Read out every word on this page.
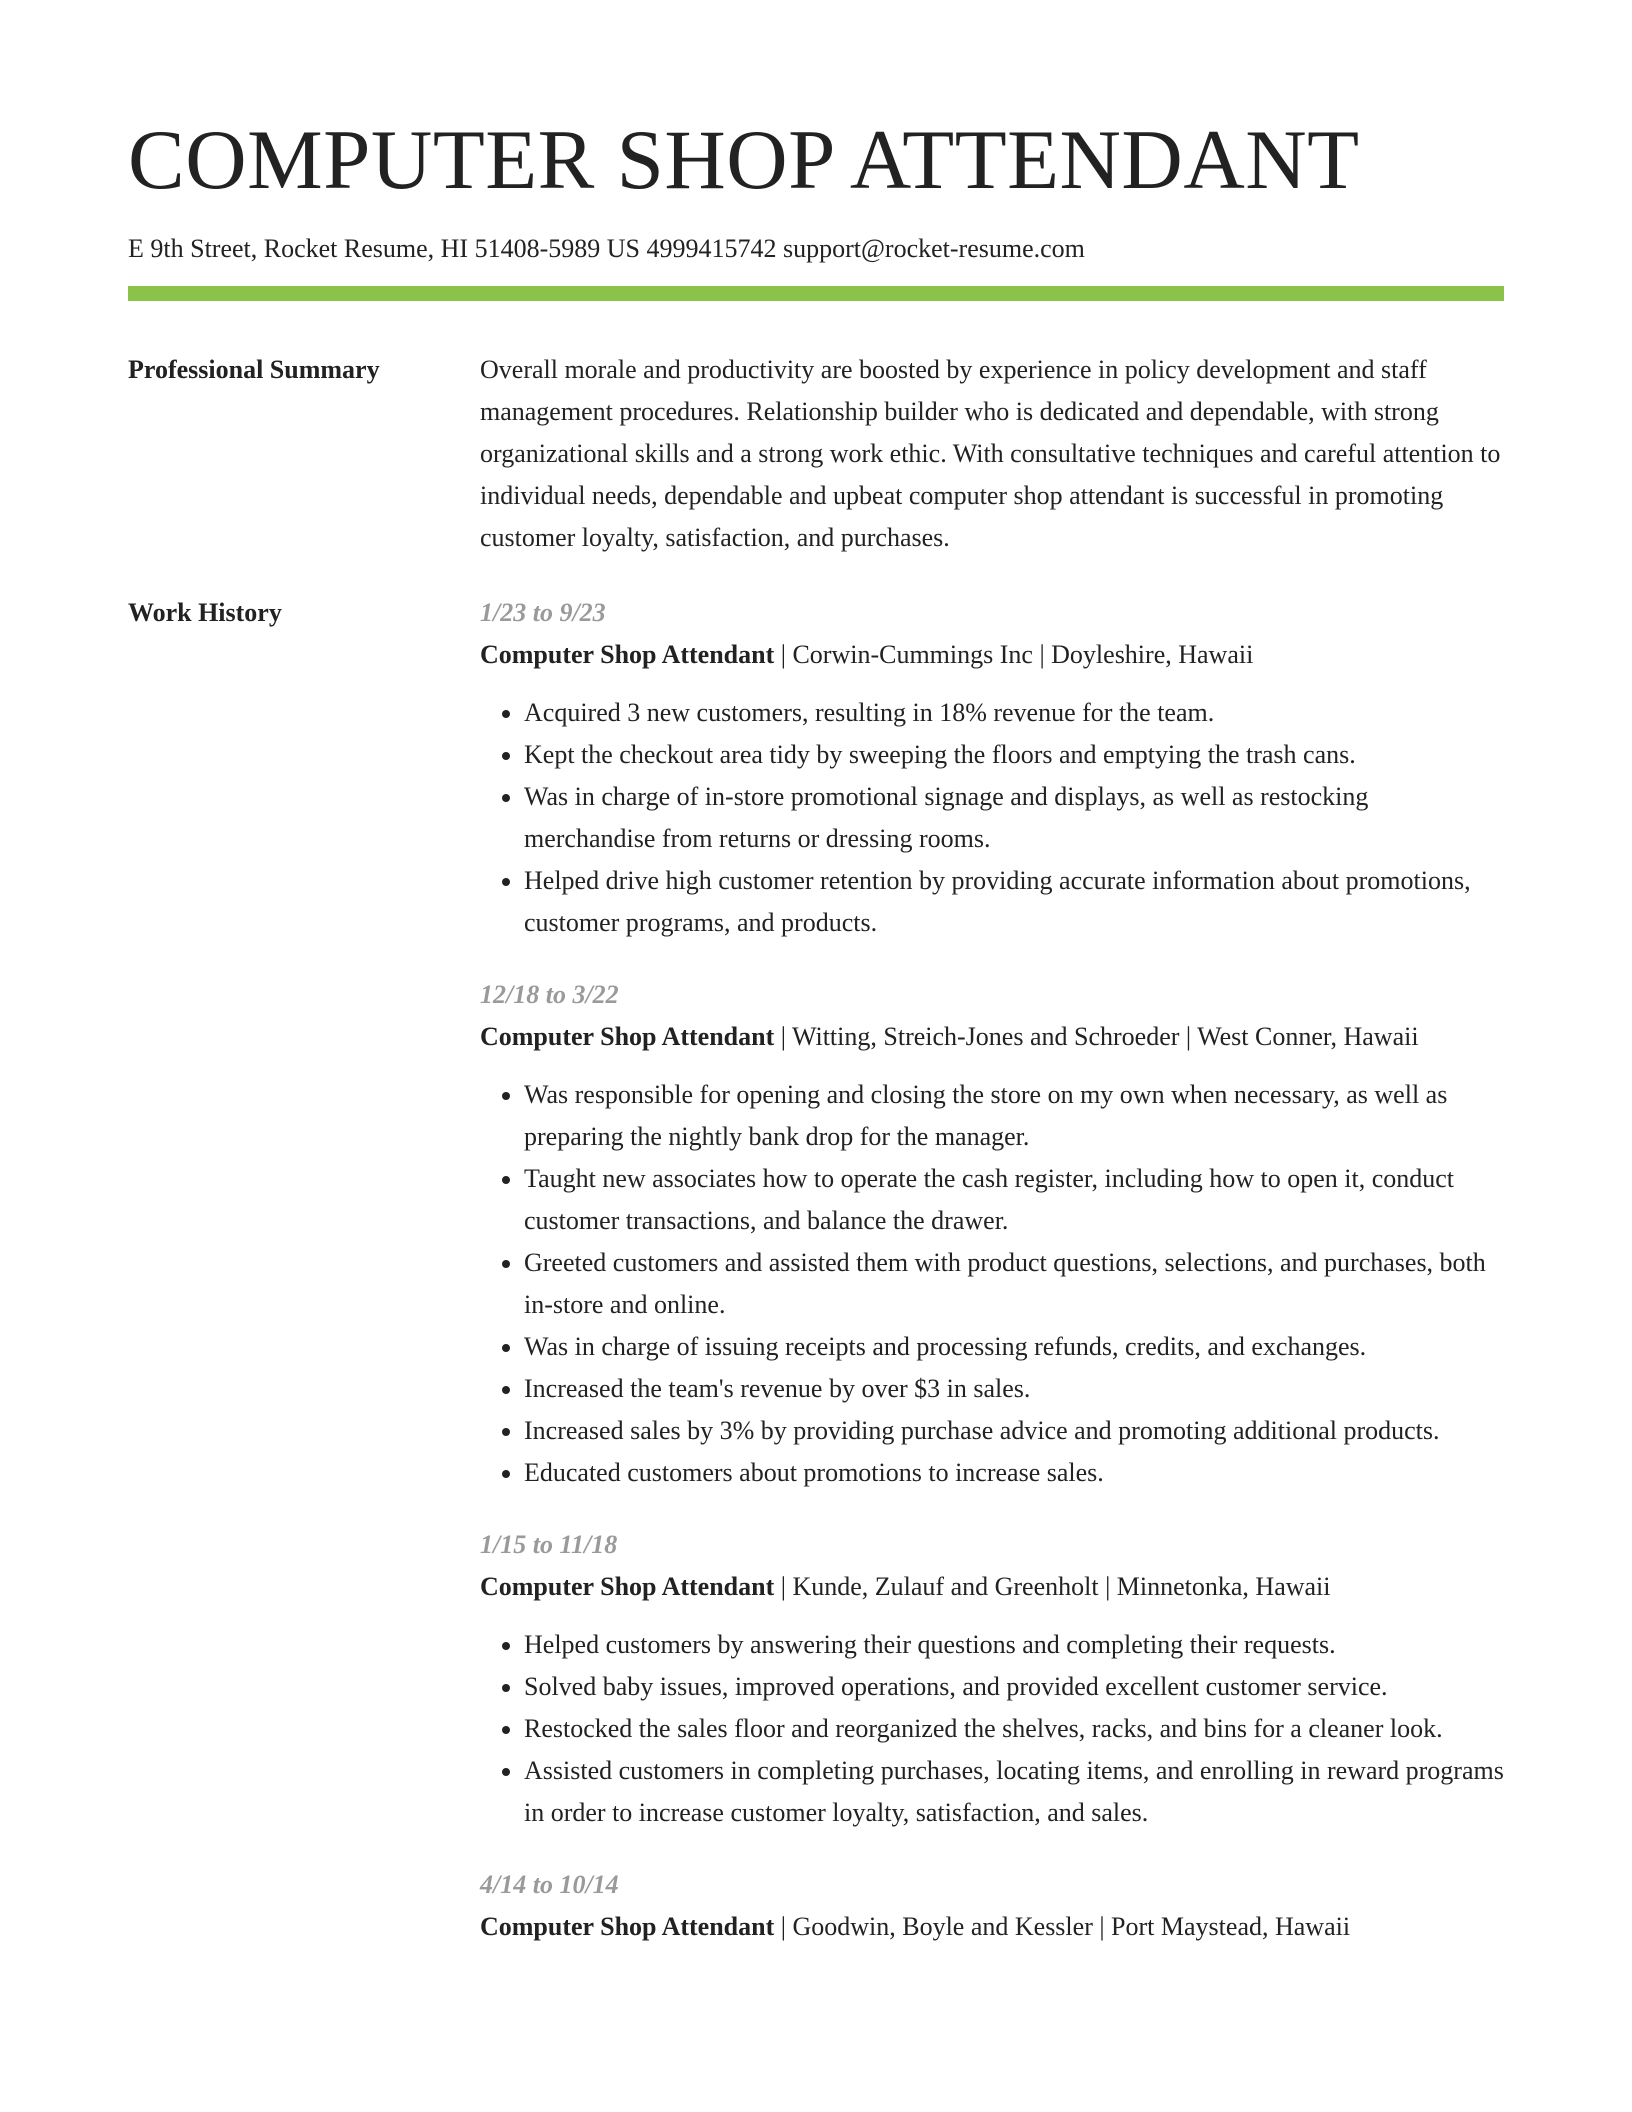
COMPUTER SHOP ATTENDANT
E 9th Street, Rocket Resume, HI 51408-5989 US 4999415742 support@rocket-resume.com
Professional Summary	Overall morale and productivity are boosted by experience in policy development and staff management procedures. Relationship builder who is dedicated and dependable, with strong organizational skills and a strong work ethic. With consultative techniques and careful attention to individual needs, dependable and upbeat computer shop attendant is successful in promoting customer loyalty, satisfaction, and purchases.

Work History	1/23 to 9/23

Computer Shop Attendant | Corwin-Cummings Inc | Doyleshire, Hawaii

• Acquired 3 new customers, resulting in 18% revenue for the team.
• Kept the checkout area tidy by sweeping the floors and emptying the trash cans.
• Was in charge of in-store promotional signage and displays, as well as restocking merchandise from returns or dressing rooms.
• Helped drive high customer retention by providing accurate information about promotions, customer programs, and products.
12/18 to 3/22

Computer Shop Attendant | Witting, Streich-Jones and Schroeder | West Conner, Hawaii

• Was responsible for opening and closing the store on my own when necessary, as well as preparing the nightly bank drop for the manager.
• Taught new associates how to operate the cash register, including how to open it, conduct customer transactions, and balance the drawer.
• Greeted customers and assisted them with product questions, selections, and purchases, both in-store and online.
• Was in charge of issuing receipts and processing refunds, credits, and exchanges.
• Increased the team's revenue by over $3 in sales.
• Increased sales by 3% by providing purchase advice and promoting additional products.
• Educated customers about promotions to increase sales.
1/15 to 11/18

Computer Shop Attendant | Kunde, Zulauf and Greenholt | Minnetonka, Hawaii

• Helped customers by answering their questions and completing their requests.
• Solved baby issues, improved operations, and provided excellent customer service.
• Restocked the sales floor and reorganized the shelves, racks, and bins for a cleaner look.
• Assisted customers in completing purchases, locating items, and enrolling in reward programs in order to increase customer loyalty, satisfaction, and sales.
4/14 to 10/14

Computer Shop Attendant | Goodwin, Boyle and Kessler | Port Maystead, Hawaii
